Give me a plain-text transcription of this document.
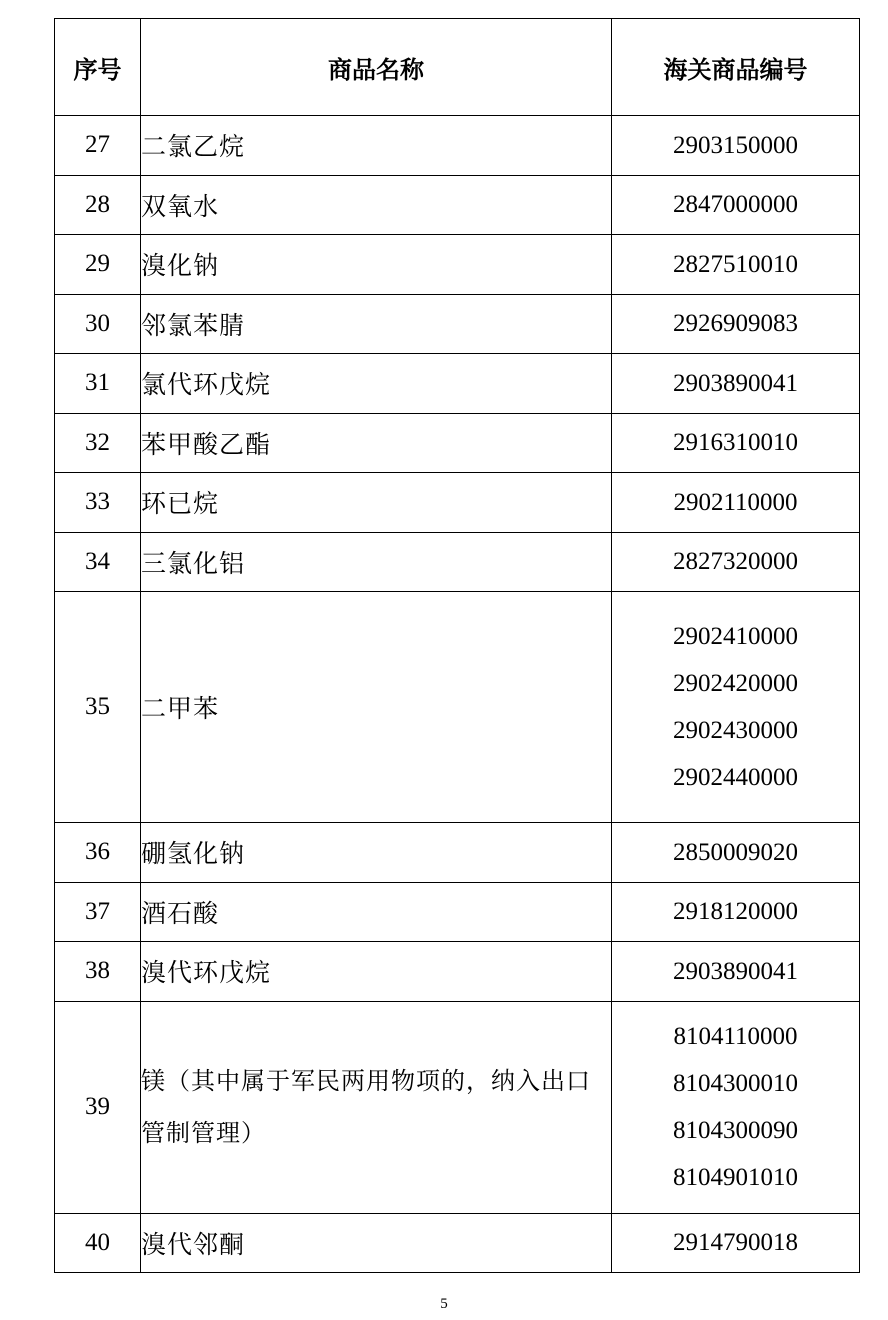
序号	商品名称	海关商品编号
27	二氯乙烷	2903150000

28	双氧水	2847000000

29	溴化钠	2827510010

30	邻氯苯腈	2926909083

31	氯代环戊烷	2903890041

32	苯甲酸乙酯	2916310010

33	环已烷	2902110000

34	三氯化铝	2827320000

35	二甲苯	2902410000
2902420000
2902430000
2902440000

36	硼氢化钠	2850009020

37	酒石酸	2918120000

38	溴代环戊烷	2903890041

39	镁（其中属于军民两用物项的，纳入出口管制管理）	8104110000
8104300010
8104300090
8104901010

40	溴代邻酮	2914790018
5
